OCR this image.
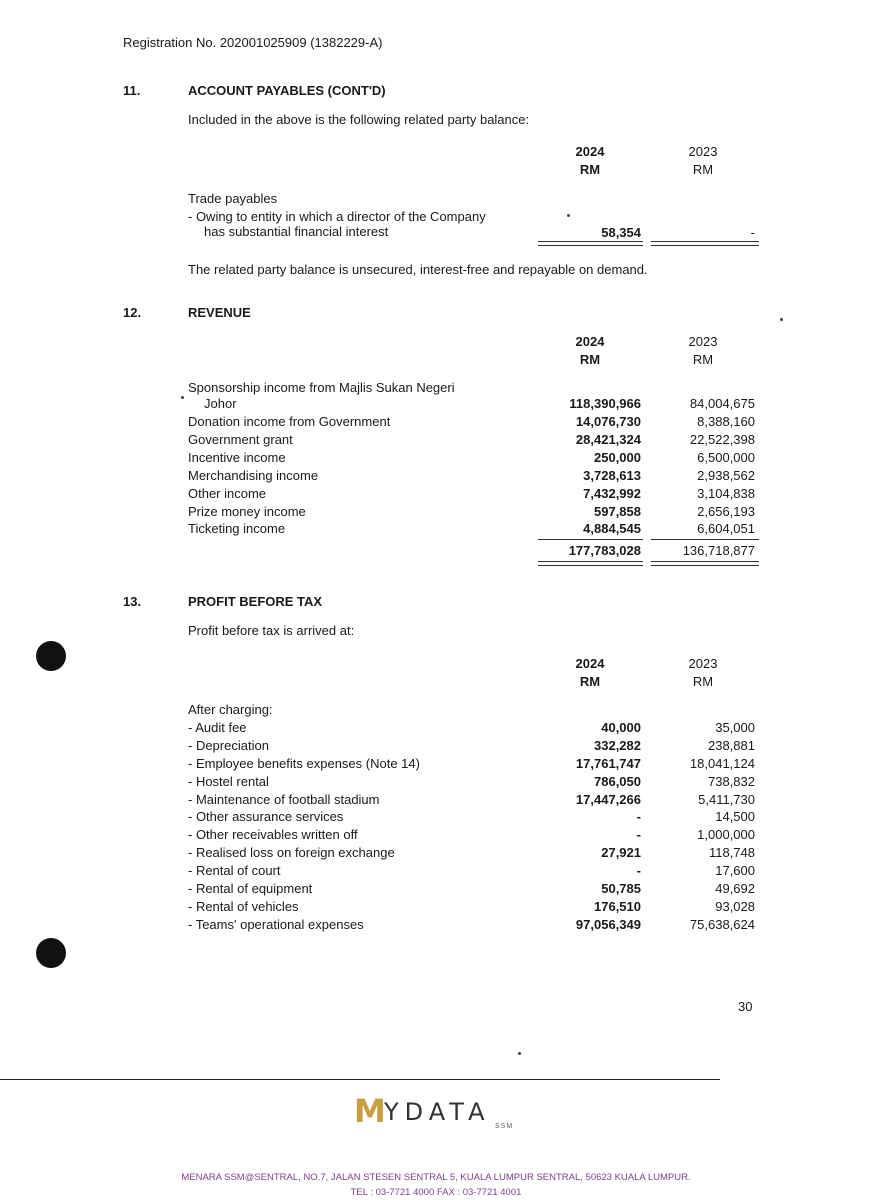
Registration No. 202001025909 (1382229-A)
11.	ACCOUNT PAYABLES (CONT'D)
Included in the above is the following related party balance:
2024
RM
2023
RM
Trade payables
- Owing to entity in which a director of the Company
has substantial financial interest	58,354	-
The related party balance is unsecured, interest-free and repayable on demand.
12.	REVENUE
2024
RM
2023
RM
Sponsorship income from Majlis Sukan Negeri
Johor	118,390,966	84,004,675
Donation income from Government	14,076,730	8,388,160
Government grant	28,421,324	22,522,398
Incentive income	250,000	6,500,000
Merchandising income	3,728,613	2,938,562
Other income	7,432,992	3,104,838
Prize money income	597,858	2,656,193
Ticketing income	4,884,545	6,604,051
177,783,028	136,718,877
13.	PROFIT BEFORE TAX
Profit before tax is arrived at:
2024
RM
2023
RM
After charging:
- Audit fee	40,000	35,000
- Depreciation	332,282	238,881
- Employee benefits expenses (Note 14)	17,761,747	18,041,124
- Hostel rental	786,050	738,832
- Maintenance of football stadium	17,447,266	5,411,730
- Other assurance services	-	14,500
- Other receivables written off	-	1,000,000
- Realised loss on foreign exchange	27,921	118,748
- Rental of court	-	17,600
- Rental of equipment	50,785	49,692
- Rental of vehicles	176,510	93,028
- Teams' operational expenses	97,056,349	75,638,624
30
M
YDATA
SSM
MENARA SSM@SENTRAL, NO.7, JALAN STESEN SENTRAL 5, KUALA LUMPUR SENTRAL, 50623 KUALA LUMPUR.
TEL : 03-7721 4000 FAX : 03-7721 4001
